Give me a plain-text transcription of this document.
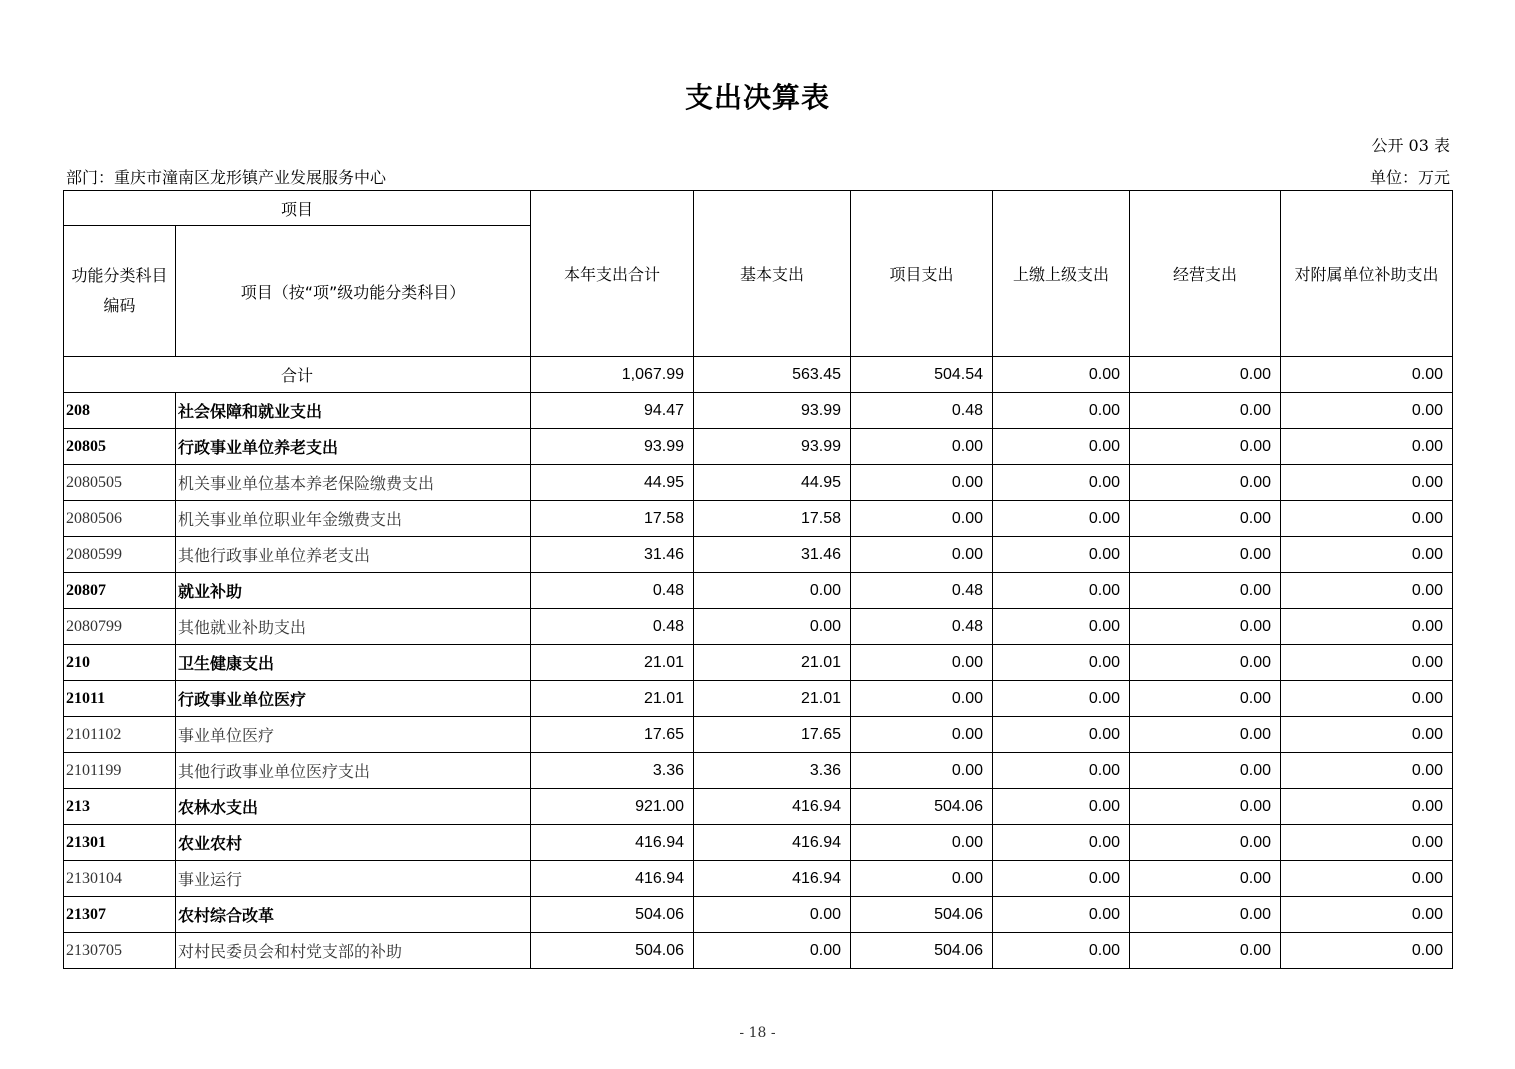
支出决算表
公开 03 表
部门：重庆市潼南区龙形镇产业发展服务中心	单位：万元
项目		本年支出合计	基本支出	项目支出	上缴上级支出	经营支出	对附属单位补助支出
功能分类科目编码	项目（按“项”级功能分类科目）						
合计		1,067.99	563.45	504.54	0.00	0.00	0.00
208	社会保障和就业支出	94.47	93.99	0.48	0.00	0.00	0.00
20805	行政事业单位养老支出	93.99	93.99	0.00	0.00	0.00	0.00
2080505	机关事业单位基本养老保险缴费支出	44.95	44.95	0.00	0.00	0.00	0.00
2080506	机关事业单位职业年金缴费支出	17.58	17.58	0.00	0.00	0.00	0.00
2080599	其他行政事业单位养老支出	31.46	31.46	0.00	0.00	0.00	0.00
20807	就业补助	0.48	0.00	0.48	0.00	0.00	0.00
2080799	其他就业补助支出	0.48	0.00	0.48	0.00	0.00	0.00
210	卫生健康支出	21.01	21.01	0.00	0.00	0.00	0.00
21011	行政事业单位医疗	21.01	21.01	0.00	0.00	0.00	0.00
2101102	事业单位医疗	17.65	17.65	0.00	0.00	0.00	0.00
2101199	其他行政事业单位医疗支出	3.36	3.36	0.00	0.00	0.00	0.00
213	农林水支出	921.00	416.94	504.06	0.00	0.00	0.00
21301	农业农村	416.94	416.94	0.00	0.00	0.00	0.00
2130104	事业运行	416.94	416.94	0.00	0.00	0.00	0.00
21307	农村综合改革	504.06	0.00	504.06	0.00	0.00	0.00
2130705	对村民委员会和村党支部的补助	504.06	0.00	504.06	0.00	0.00	0.00
- 18 -
